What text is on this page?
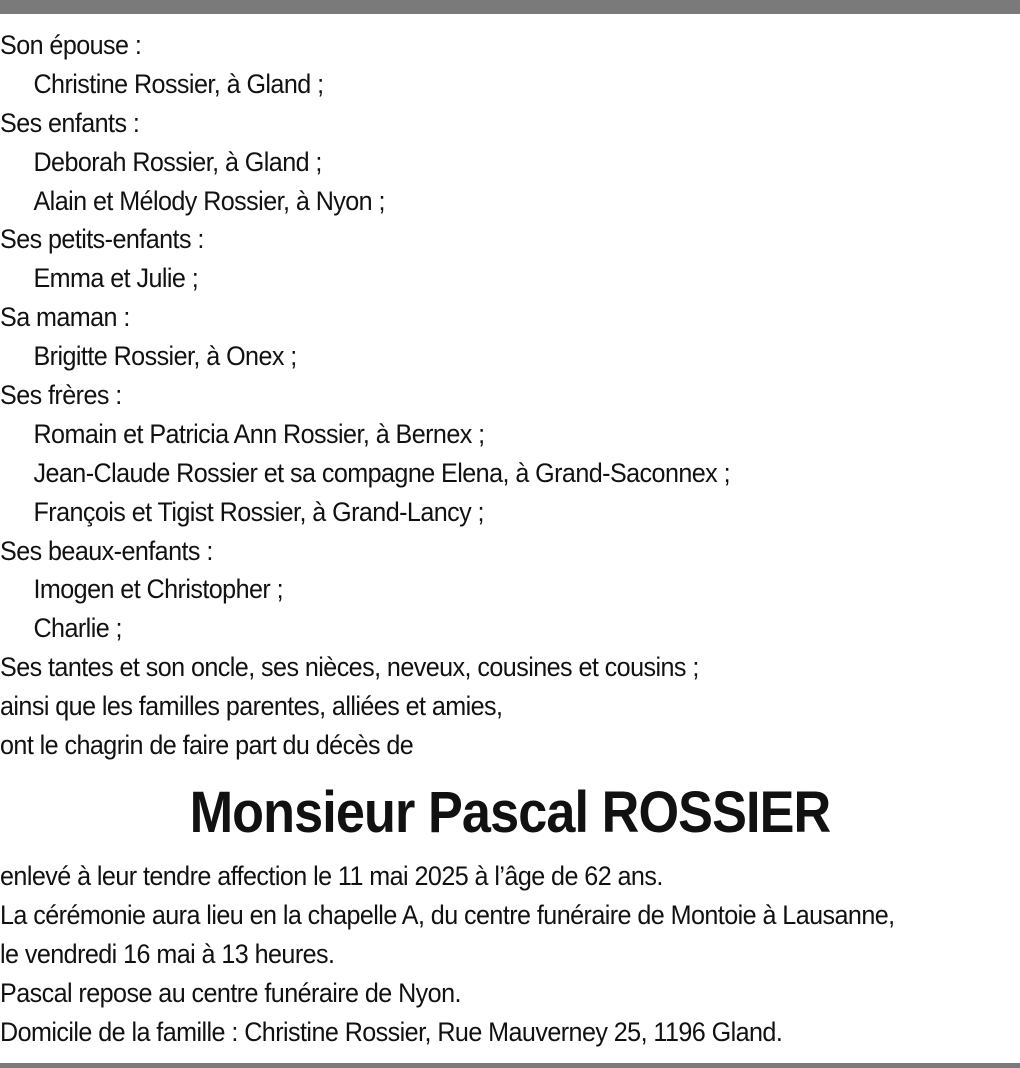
Son épouse :
Christine Rossier, à Gland ;
Ses enfants :
Deborah Rossier, à Gland ;
Alain et Mélody Rossier, à Nyon ;
Ses petits-enfants :
Emma et Julie ;
Sa maman :
Brigitte Rossier, à Onex ;
Ses frères :
Romain et Patricia Ann Rossier, à Bernex ;
Jean-Claude Rossier et sa compagne Elena, à Grand-Saconnex ;
François et Tigist Rossier, à Grand-Lancy ;
Ses beaux-enfants :
Imogen et Christopher ;
Charlie ;
Ses tantes et son oncle, ses nièces, neveux, cousines et cousins ;
ainsi que les familles parentes, alliées et amies,
ont le chagrin de faire part du décès de
Monsieur Pascal ROSSIER
enlevé à leur tendre affection le 11 mai 2025 à l’âge de 62 ans.
La cérémonie aura lieu en la chapelle A, du centre funéraire de Montoie à Lausanne,
le vendredi 16 mai à 13 heures.
Pascal repose au centre funéraire de Nyon.
Domicile de la famille : Christine Rossier, Rue Mauverney 25, 1196 Gland.
